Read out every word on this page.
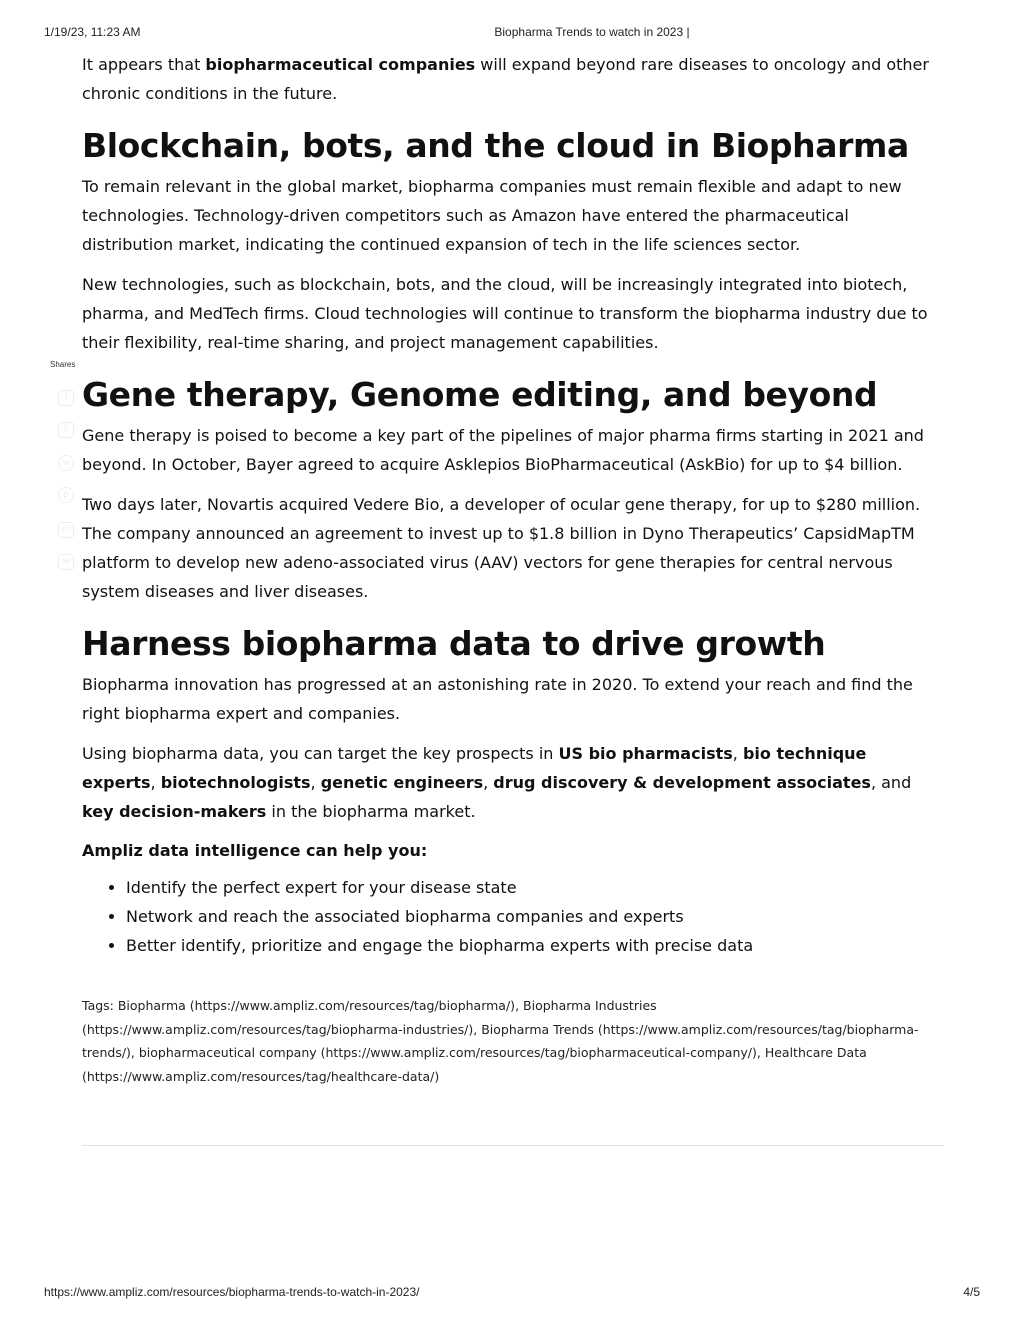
1/19/23, 11:23 AM	Biopharma Trends to watch in 2023 |
Shares
f
t
w
p
in
✉

It appears that biopharmaceutical companies will expand beyond rare diseases to oncology and other chronic conditions in the future.

Blockchain, bots, and the cloud in Biopharma

To remain relevant in the global market, biopharma companies must remain flexible and adapt to new technologies. Technology-driven competitors such as Amazon have entered the pharmaceutical distribution market, indicating the continued expansion of tech in the life sciences sector.

New technologies, such as blockchain, bots, and the cloud, will be increasingly integrated into biotech, pharma, and MedTech firms. Cloud technologies will continue to transform the biopharma industry due to their flexibility, real-time sharing, and project management capabilities.

Gene therapy, Genome editing, and beyond

Gene therapy is poised to become a key part of the pipelines of major pharma firms starting in 2021 and beyond. In October, Bayer agreed to acquire Asklepios BioPharmaceutical (AskBio) for up to $4 billion.

Two days later, Novartis acquired Vedere Bio, a developer of ocular gene therapy, for up to $280 million. The company announced an agreement to invest up to $1.8 billion in Dyno Therapeutics’ CapsidMapTM platform to develop new adeno-associated virus (AAV) vectors for gene therapies for central nervous system diseases and liver diseases.

Harness biopharma data to drive growth

Biopharma innovation has progressed at an astonishing rate in 2020. To extend your reach and find the right biopharma expert and companies.

Using biopharma data, you can target the key prospects in US bio pharmacists, bio technique experts, biotechnologists, genetic engineers, drug discovery & development associates, and key decision-makers in the biopharma market.

Ampliz data intelligence can help you:

• Identify the perfect expert for your disease state
• Network and reach the associated biopharma companies and experts
• Better identify, prioritize and engage the biopharma experts with precise data
Tags: Biopharma (https://www.ampliz.com/resources/tag/biopharma/), Biopharma Industries (https://www.ampliz.com/resources/tag/biopharma-industries/), Biopharma Trends (https://www.ampliz.com/resources/tag/biopharma-trends/), biopharmaceutical company (https://www.ampliz.com/resources/tag/biopharmaceutical-company/), Healthcare Data (https://www.ampliz.com/resources/tag/healthcare-data/)
https://www.ampliz.com/resources/biopharma-trends-to-watch-in-2023/	4/5
